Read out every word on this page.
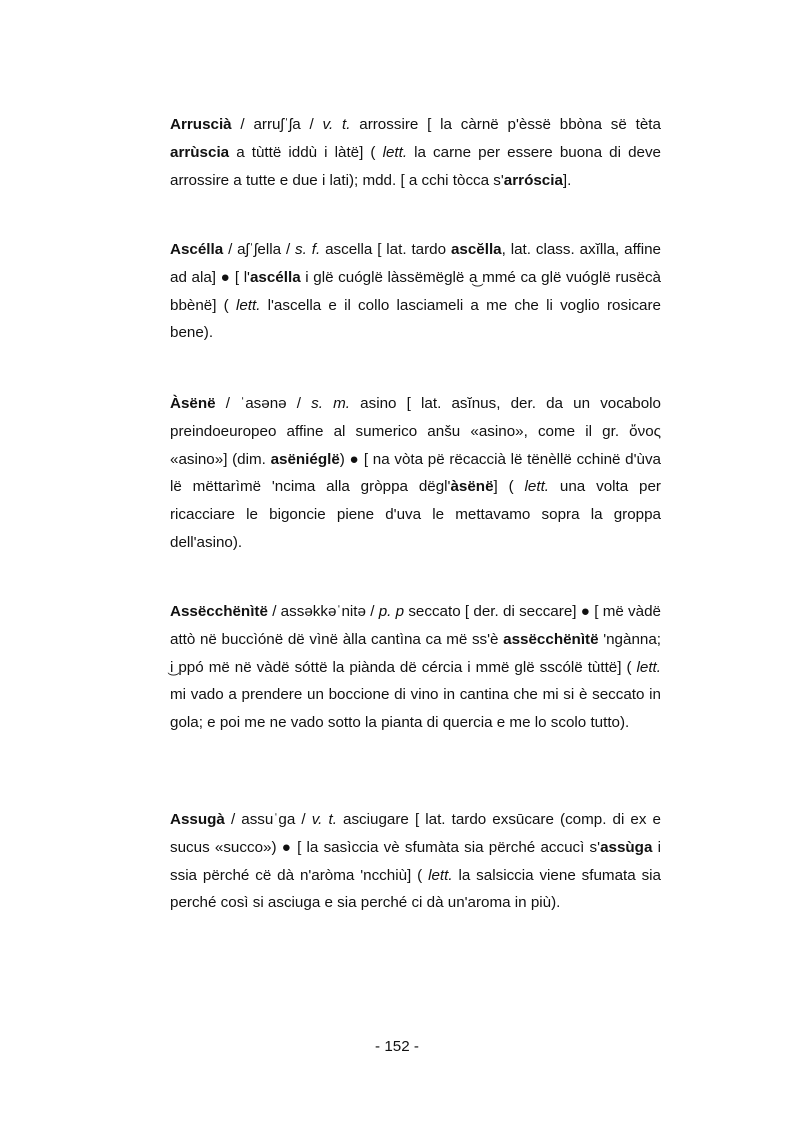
Arruscià / arruʃˈʃa / v. t. arrossire [ la càrnë p'èssë bbòna së tèta arrùscia a tùttë iddù i làtë] ( lett. la carne per essere buona di deve arrossire a tutte e due i lati); mdd. [ a cchi tòcca s'arróscia].

Ascélla / aʃˈʃella / s. f. ascella [ lat. tardo ascĕlla, lat. class. axĭlla, affine ad ala] ● [ l'ascélla i glë cuóglë làssëmëglë a͜ mmé ca glë vuóglë rusëcà bbènë] ( lett. l'ascella e il collo lasciameli a me che li voglio rosicare bene).

Àsënë / ˈasənə / s. m. asino [ lat. asĭnus, der. da un vocabolo preindoeuropeo affine al sumerico anšu «asino», come il gr. ὄνος «asino»] (dim. asëniéglë) ● [ na vòta pë rëcaccià lë tënèllë cchinë d'ùva lë mëttarìmë 'ncima alla gròppa dëgl'àsënë] ( lett. una volta per ricacciare le bigoncie piene d'uva le mettavamo sopra la groppa dell'asino).

Assëcchënìtë / assəkkəˈnitə / p. p seccato [ der. di seccare] ● [ më vàdë attò në buccìónë dë vìnë àlla cantìna ca më ss'è assëcchënìtë 'ngànna; i͜ ppó më në vàdë sóttë la piànda dë cércia i mmë glë sscólë tùttë] ( lett. mi vado a prendere un boccione di vino in cantina che mi si è seccato in gola; e poi me ne vado sotto la pianta di quercia e me lo scolo tutto).

Assugà / assuˈga / v. t. asciugare [ lat. tardo exsūcare (comp. di ex e sucus «succo») ● [ la sasìccia vè sfumàta sia përché accucì s'assùga i ssia përché cë dà n'aròma 'ncchiù] ( lett. la salsiccia viene sfumata sia perché così si asciuga e sia perché ci dà un'aroma in più).

- 152 -
